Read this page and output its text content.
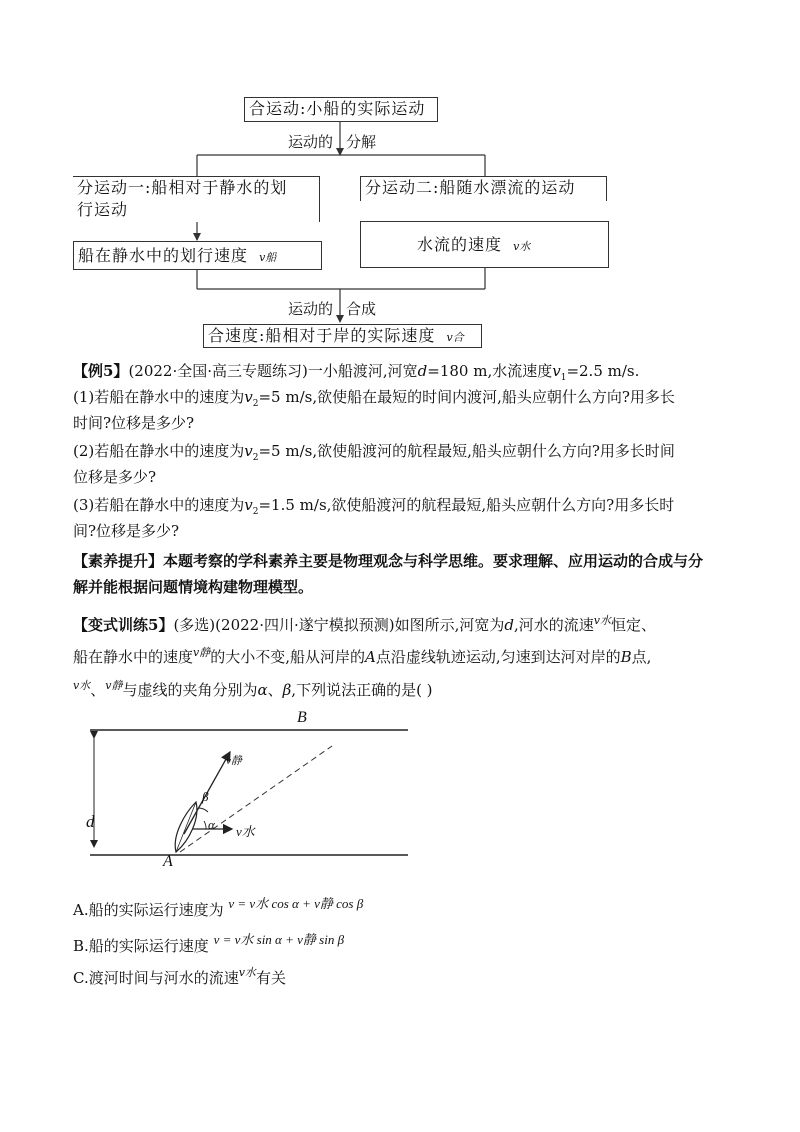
合运动:小船的实际运动
运动的 分解
分运动一:船相对于静水的划
行运动
分运动二:船随水漂流的运动
船在静水中的划行速度 v船
水流的速度 v水
运动的 合成
合速度:船相对于岸的实际速度 v合
【例5】(2022·全国·高三专题练习)一小船渡河,河宽d=180 m,水流速度$v_1=2.5$ m/s.
(1)若船在静水中的速度为$v_2=5$ m/s,欲使船在最短的时间内渡河,船头应朝什么方向?用多长
时间?位移是多少?
(2)若船在静水中的速度为$v_2=5$ m/s,欲使船渡河的航程最短,船头应朝什么方向?用多长时间
位移是多少?
(3)若船在静水中的速度为$v_2=1.5$ m/s,欲使船渡河的航程最短,船头应朝什么方向?用多长时
间?位移是多少?
【素养提升】本题考察的学科素养主要是物理观念与科学思维。要求理解、应用运动的合成与分
解并能根据问题情境构建物理模型。
【变式训练5】(多选)(2022·四川·遂宁模拟预测)如图所示,河宽为d,河水的流速$^{v水}$恒定、
船在静水中的速度$^{v静}$的大小不变,船从河岸的A点沿虚线轨迹运动,匀速到达河对岸的B点,
$^{v水}$、$^{v静}$与虚线的夹角分别为α、β,下列说法正确的是( )
B
A
d	α
β
v水
v静
A.船的实际运行速度为 v = v水 cos α + v静 cos β
B.船的实际运行速度 v = v水 sin α + v静 sin β
C.渡河时间与河水的流速$^{v水}$有关
